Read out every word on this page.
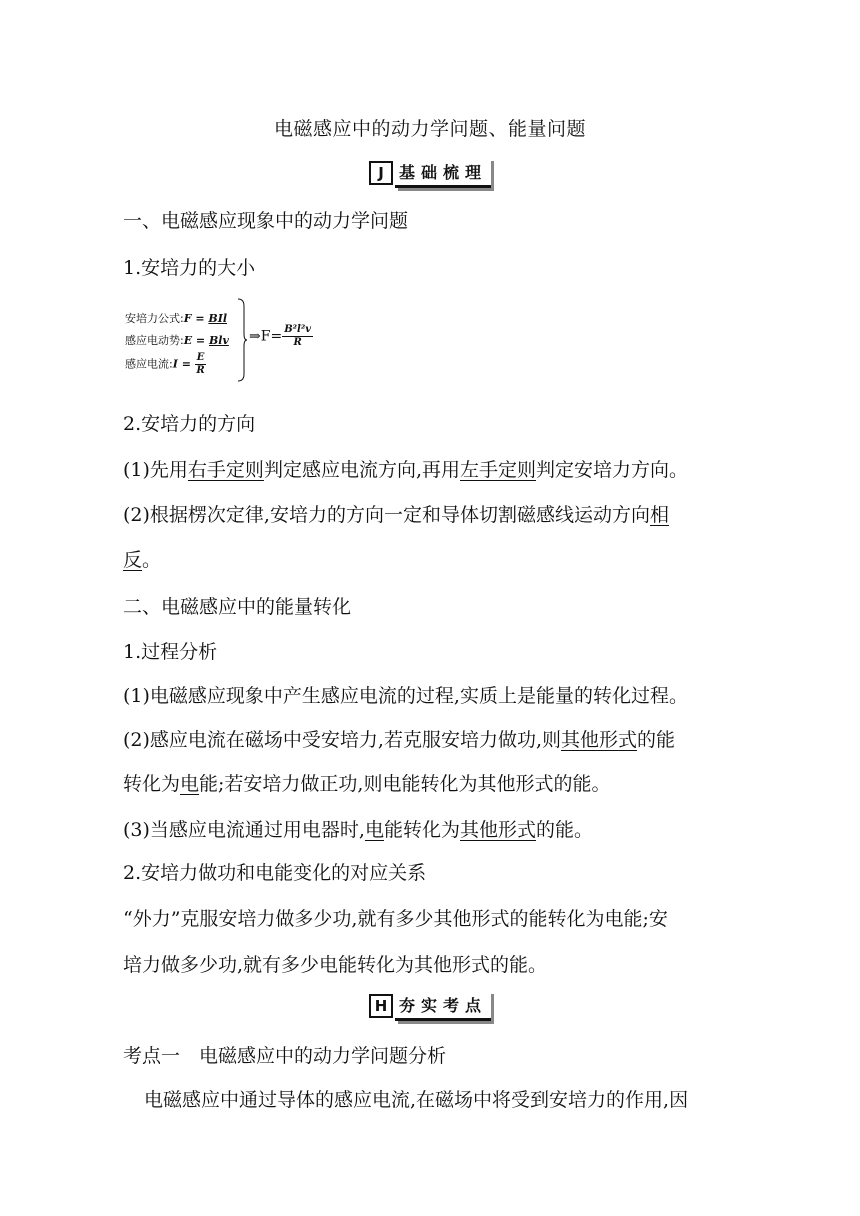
电磁感应中的动力学问题、能量问题
J 基础梳理
一、电磁感应现象中的动力学问题
1.安培力的大小
安培力公式:F = BIl
感应电动势:E = Blv
感应电流:I = $\frac{E}{R}$
⇒F= $\frac{\text{B²l²v}}{R}$
2.安培力的方向
(1)先用右手定则判定感应电流方向,再用左手定则判定安培力方向。
(2)根据楞次定律,安培力的方向一定和导体切割磁感线运动方向相
反。
二、电磁感应中的能量转化
1.过程分析
(1)电磁感应现象中产生感应电流的过程,实质上是能量的转化过程。
(2)感应电流在磁场中受安培力,若克服安培力做功,则其他形式的能
转化为电能;若安培力做正功,则电能转化为其他形式的能。
(3)当感应电流通过用电器时,电能转化为其他形式的能。
2.安培力做功和电能变化的对应关系
“外力”克服安培力做多少功,就有多少其他形式的能转化为电能;安
培力做多少功,就有多少电能转化为其他形式的能。
H 夯实考点
考点一　电磁感应中的动力学问题分析
电磁感应中通过导体的感应电流,在磁场中将受到安培力的作用,因
